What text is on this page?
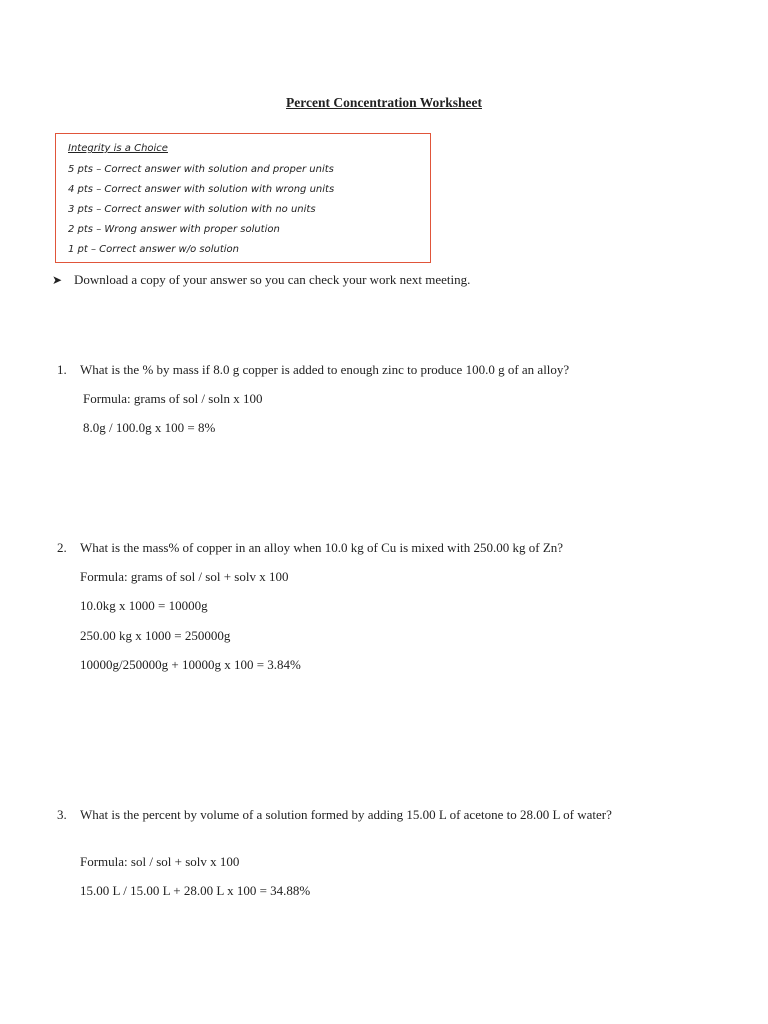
Percent Concentration Worksheet
Integrity is a Choice
5 pts – Correct answer with solution and proper units
4 pts – Correct answer with solution with wrong units
3 pts – Correct answer with solution with no units
2 pts – Wrong answer with proper solution
1 pt – Correct answer w/o solution
➤ Download a copy of your answer so you can check your work next meeting.
1. What is the % by mass if 8.0 g copper is added to enough zinc to produce 100.0 g of an alloy?
Formula: grams of sol / soln x 100
8.0g / 100.0g x 100 = 8%
2. What is the mass% of copper in an alloy when 10.0 kg of Cu is mixed with 250.00 kg of Zn?
Formula: grams of sol / sol + solv x 100
10.0kg x 1000 = 10000g
250.00 kg x 1000 = 250000g
10000g/250000g + 10000g x 100 = 3.84%
3. What is the percent by volume of a solution formed by adding 15.00 L of acetone to 28.00 L of water?
Formula: sol / sol + solv x 100
15.00 L / 15.00 L + 28.00 L x 100 = 34.88%
